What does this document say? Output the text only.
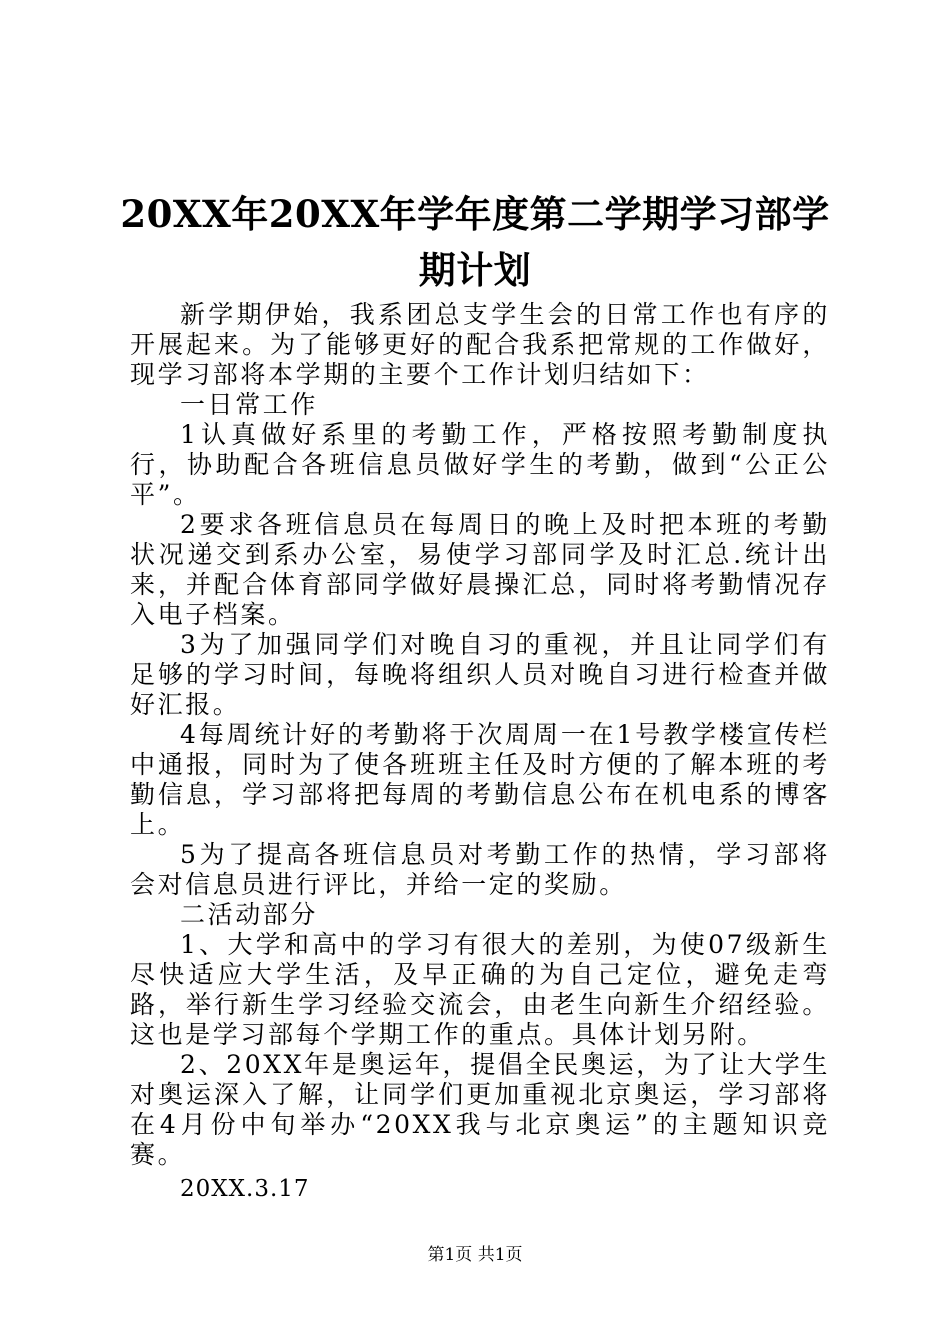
20XX年20XX年学年度第二学期学习部学期计划

新学期伊始，我系团总支学生会的日常工作也有序的开展起来。为了能够更好的配合我系把常规的工作做好，现学习部将本学期的主要个工作计划归结如下：

一日常工作

1认真做好系里的考勤工作，严格按照考勤制度执行，协助配合各班信息员做好学生的考勤，做到“公正公平”。

2要求各班信息员在每周日的晚上及时把本班的考勤状况递交到系办公室，易使学习部同学及时汇总.统计出来，并配合体育部同学做好晨操汇总，同时将考勤情况存入电子档案。

3为了加强同学们对晚自习的重视，并且让同学们有足够的学习时间，每晚将组织人员对晚自习进行检查并做好汇报。

4每周统计好的考勤将于次周周一在1号教学楼宣传栏中通报，同时为了使各班班主任及时方便的了解本班的考勤信息，学习部将把每周的考勤信息公布在机电系的博客上。

5为了提高各班信息员对考勤工作的热情，学习部将会对信息员进行评比，并给一定的奖励。

二活动部分

1、大学和高中的学习有很大的差别，为使07级新生尽快适应大学生活，及早正确的为自己定位，避免走弯路，举行新生学习经验交流会，由老生向新生介绍经验。这也是学习部每个学期工作的重点。具体计划另附。

2、20XX年是奥运年，提倡全民奥运，为了让大学生对奥运深入了解，让同学们更加重视北京奥运，学习部将在4月份中旬举办“20XX我与北京奥运”的主题知识竞赛。

20XX.3.17

第1页 共1页
